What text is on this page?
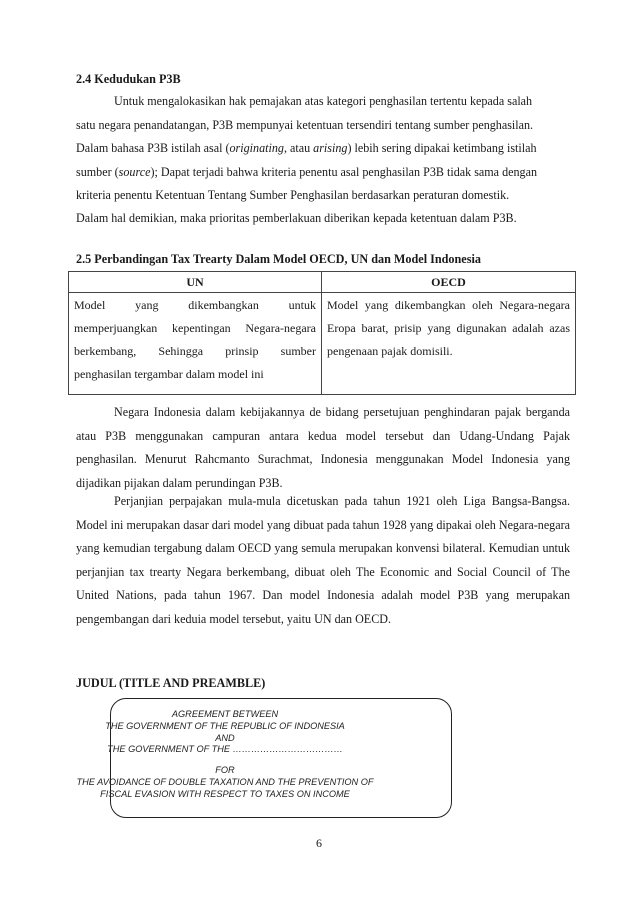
2.4 Kedudukan P3B

Untuk mengalokasikan hak pemajakan atas kategori penghasilan tertentu kepada salah

satu negara penandatangan, P3B mempunyai ketentuan tersendiri tentang sumber penghasilan.

Dalam bahasa P3B istilah asal (originating, atau arising) lebih sering dipakai ketimbang istilah

sumber (source); Dapat terjadi bahwa kriteria penentu asal penghasilan P3B tidak sama dengan

kriteria penentu Ketentuan Tentang Sumber Penghasilan berdasarkan peraturan domestik.

Dalam hal demikian, maka prioritas pemberlakuan diberikan kepada ketentuan dalam P3B.

2.5 Perbandingan Tax Trearty Dalam Model OECD, UN dan Model Indonesia
UN	OECD
Model yang dikembangkan untuk memperjuangkan kepentingan Negara-negara berkembang, Sehingga prinsip sumber penghasilan tergambar dalam model ini	Model yang dikembangkan oleh Negara-negara Eropa barat, prisip yang digunakan adalah azas pengenaan pajak domisili.

Negara Indonesia dalam kebijakannya de bidang persetujuan penghindaran pajak berganda atau P3B menggunakan campuran antara kedua model tersebut dan Udang-Undang Pajak penghasilan. Menurut Rahcmanto Surachmat, Indonesia menggunakan Model Indonesia yang dijadikan pijakan dalam perundingan P3B.

Perjanjian perpajakan mula-mula dicetuskan pada tahun 1921 oleh Liga Bangsa-Bangsa. Model ini merupakan dasar dari model yang dibuat pada tahun 1928 yang dipakai oleh Negara-negara yang kemudian tergabung dalam OECD yang semula merupakan konvensi bilateral. Kemudian untuk perjanjian tax trearty Negara berkembang, dibuat oleh The Economic and Social Council of The United Nations, pada tahun 1967. Dan model Indonesia adalah model P3B yang merupakan pengembangan dari keduia model tersebut, yaitu UN dan OECD.

JUDUL (TITLE AND PREAMBLE)
AGREEMENT BETWEEN
THE GOVERNMENT OF THE REPUBLIC OF INDONESIA
AND
THE GOVERNMENT OF THE ………………………………
FOR
THE AVOIDANCE OF DOUBLE TAXATION AND THE PREVENTION OF
FISCAL EVASION WITH RESPECT TO TAXES ON INCOME
6
